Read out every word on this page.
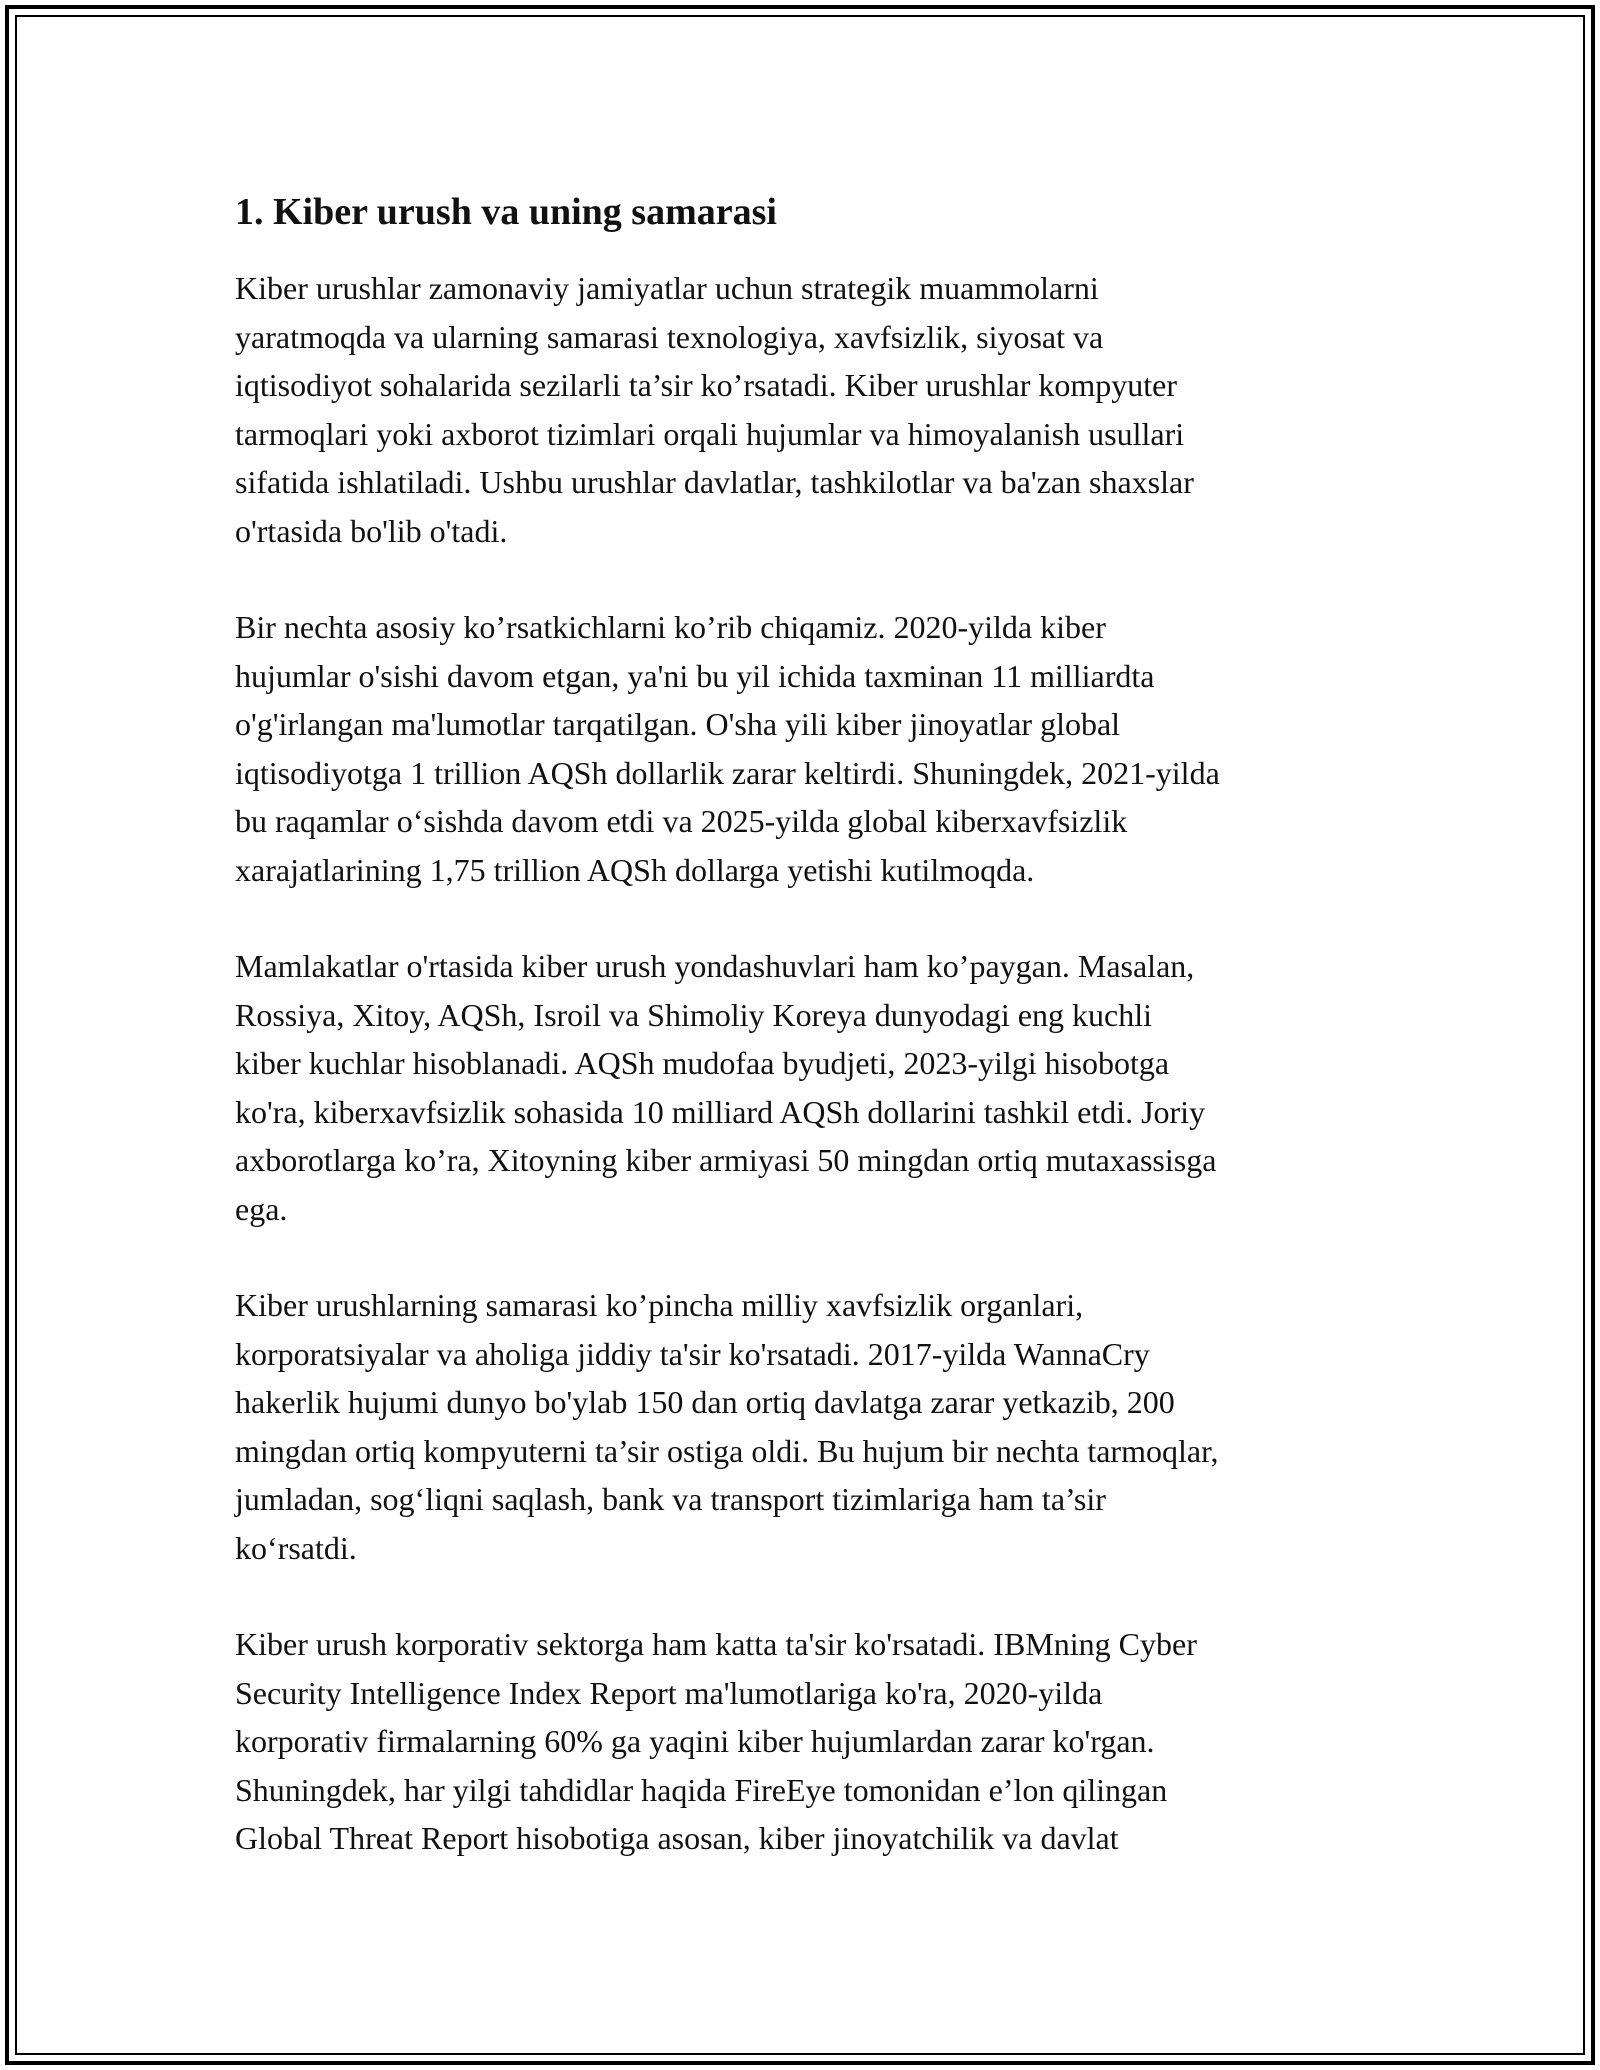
1. Kiber urush va uning samarasi

Kiber urushlar zamonaviy jamiyatlar uchun strategik muammolarni
yaratmoqda va ularning samarasi texnologiya, xavfsizlik, siyosat va
iqtisodiyot sohalarida sezilarli ta’sir ko’rsatadi. Kiber urushlar kompyuter
tarmoqlari yoki axborot tizimlari orqali hujumlar va himoyalanish usullari
sifatida ishlatiladi. Ushbu urushlar davlatlar, tashkilotlar va ba'zan shaxslar
o'rtasida bo'lib o'tadi.

Bir nechta asosiy ko’rsatkichlarni ko’rib chiqamiz. 2020-yilda kiber
hujumlar o'sishi davom etgan, ya'ni bu yil ichida taxminan 11 milliardta
o'g'irlangan ma'lumotlar tarqatilgan. O'sha yili kiber jinoyatlar global
iqtisodiyotga 1 trillion AQSh dollarlik zarar keltirdi. Shuningdek, 2021-yilda
bu raqamlar oʻsishda davom etdi va 2025-yilda global kiberxavfsizlik
xarajatlarining 1,75 trillion AQSh dollarga yetishi kutilmoqda.

Mamlakatlar o'rtasida kiber urush yondashuvlari ham ko’paygan. Masalan,
Rossiya, Xitoy, AQSh, Isroil va Shimoliy Koreya dunyodagi eng kuchli
kiber kuchlar hisoblanadi. AQSh mudofaa byudjeti, 2023-yilgi hisobotga
ko'ra, kiberxavfsizlik sohasida 10 milliard AQSh dollarini tashkil etdi. Joriy
axborotlarga ko’ra, Xitoyning kiber armiyasi 50 mingdan ortiq mutaxassisga
ega.

Kiber urushlarning samarasi ko’pincha milliy xavfsizlik organlari,
korporatsiyalar va aholiga jiddiy ta'sir ko'rsatadi. 2017-yilda WannaCry
hakerlik hujumi dunyo bo'ylab 150 dan ortiq davlatga zarar yetkazib, 200
mingdan ortiq kompyuterni ta’sir ostiga oldi. Bu hujum bir nechta tarmoqlar,
jumladan, sogʻliqni saqlash, bank va transport tizimlariga ham ta’sir
koʻrsatdi.

Kiber urush korporativ sektorga ham katta ta'sir ko'rsatadi. IBMning Cyber
Security Intelligence Index Report ma'lumotlariga ko'ra, 2020-yilda
korporativ firmalarning 60% ga yaqini kiber hujumlardan zarar ko'rgan.
Shuningdek, har yilgi tahdidlar haqida FireEye tomonidan e’lon qilingan
Global Threat Report hisobotiga asosan, kiber jinoyatchilik va davlat
